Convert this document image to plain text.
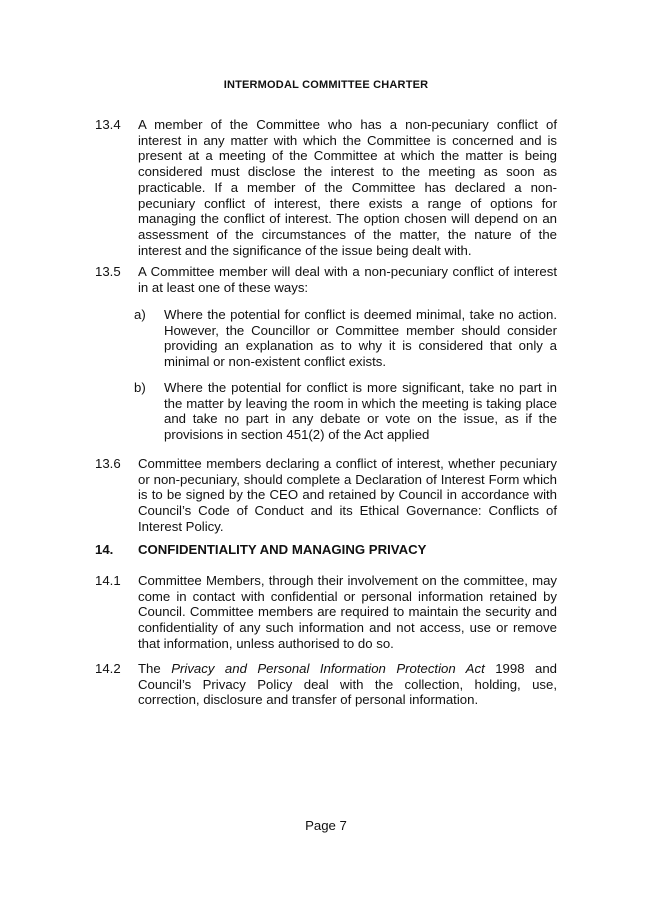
INTERMODAL COMMITTEE CHARTER
13.4 A member of the Committee who has a non-pecuniary conflict of interest in any matter with which the Committee is concerned and is present at a meeting of the Committee at which the matter is being considered must disclose the interest to the meeting as soon as practicable. If a member of the Committee has declared a non-pecuniary conflict of interest, there exists a range of options for managing the conflict of interest. The option chosen will depend on an assessment of the circumstances of the matter, the nature of the interest and the significance of the issue being dealt with.
13.5 A Committee member will deal with a non-pecuniary conflict of interest in at least one of these ways:
a) Where the potential for conflict is deemed minimal, take no action. However, the Councillor or Committee member should consider providing an explanation as to why it is considered that only a minimal or non-existent conflict exists.
b) Where the potential for conflict is more significant, take no part in the matter by leaving the room in which the meeting is taking place and take no part in any debate or vote on the issue, as if the provisions in section 451(2) of the Act applied
13.6 Committee members declaring a conflict of interest, whether pecuniary or non-pecuniary, should complete a Declaration of Interest Form which is to be signed by the CEO and retained by Council in accordance with Council’s Code of Conduct and its Ethical Governance: Conflicts of Interest Policy.
14. CONFIDENTIALITY AND MANAGING PRIVACY
14.1 Committee Members, through their involvement on the committee, may come in contact with confidential or personal information retained by Council. Committee members are required to maintain the security and confidentiality of any such information and not access, use or remove that information, unless authorised to do so.
14.2 The Privacy and Personal Information Protection Act 1998 and Council’s Privacy Policy deal with the collection, holding, use, correction, disclosure and transfer of personal information.
Page 7
